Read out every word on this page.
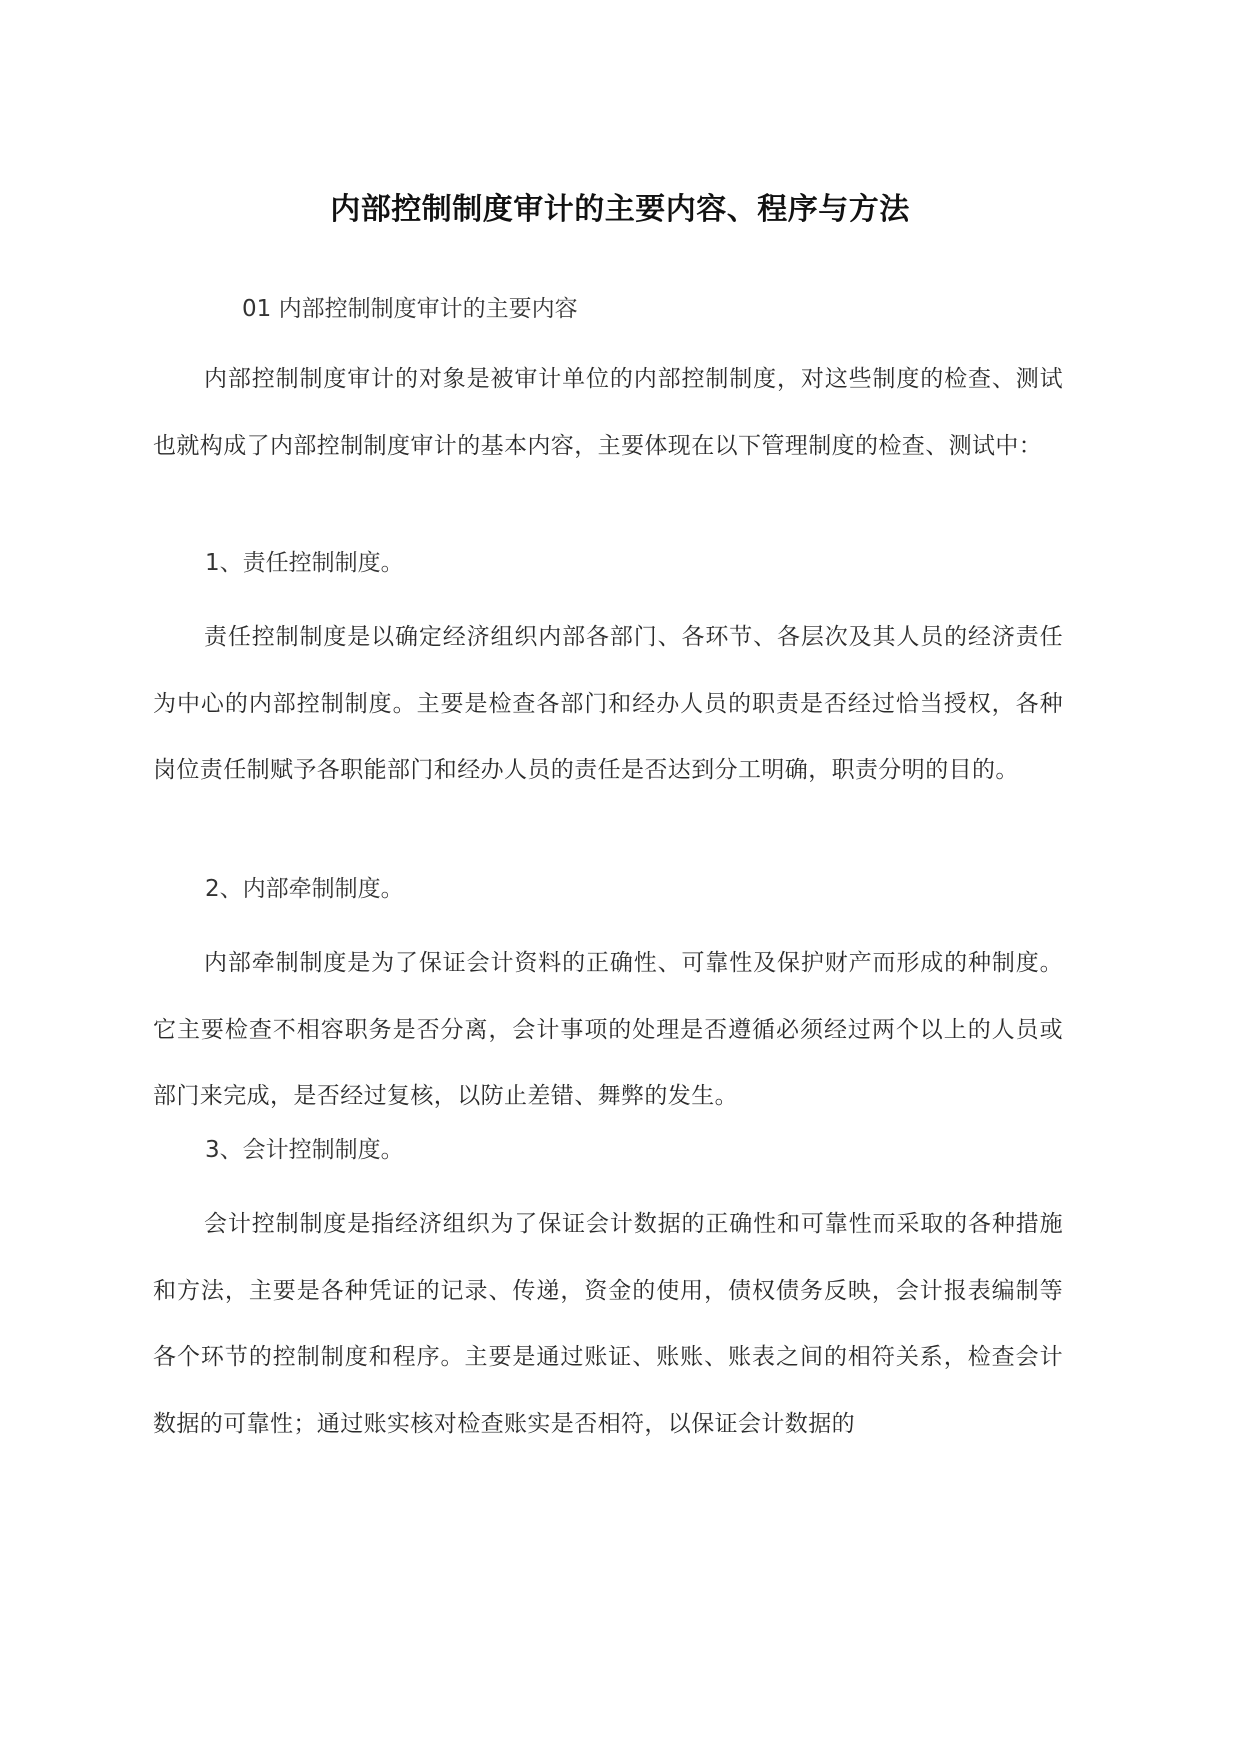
内部控制制度审计的主要内容、程序与方法
01 内部控制制度审计的主要内容
内部控制制度审计的对象是被审计单位的内部控制制度，对这些制度的检查、测试也就构成了内部控制制度审计的基本内容，主要体现在以下管理制度的检查、测试中：
1、责任控制制度。
责任控制制度是以确定经济组织内部各部门、各环节、各层次及其人员的经济责任为中心的内部控制制度。主要是检查各部门和经办人员的职责是否经过恰当授权，各种岗位责任制赋予各职能部门和经办人员的责任是否达到分工明确，职责分明的目的。
2、内部牵制制度。
内部牵制制度是为了保证会计资料的正确性、可靠性及保护财产而形成的种制度。它主要检查不相容职务是否分离，会计事项的处理是否遵循必须经过两个以上的人员或部门来完成，是否经过复核，以防止差错、舞弊的发生。
3、会计控制制度。
会计控制制度是指经济组织为了保证会计数据的正确性和可靠性而采取的各种措施和方法，主要是各种凭证的记录、传递，资金的使用，债权债务反映，会计报表编制等各个环节的控制制度和程序。主要是通过账证、账账、账表之间的相符关系，检查会计数据的可靠性；通过账实核对检查账实是否相符，以保证会计数据的
